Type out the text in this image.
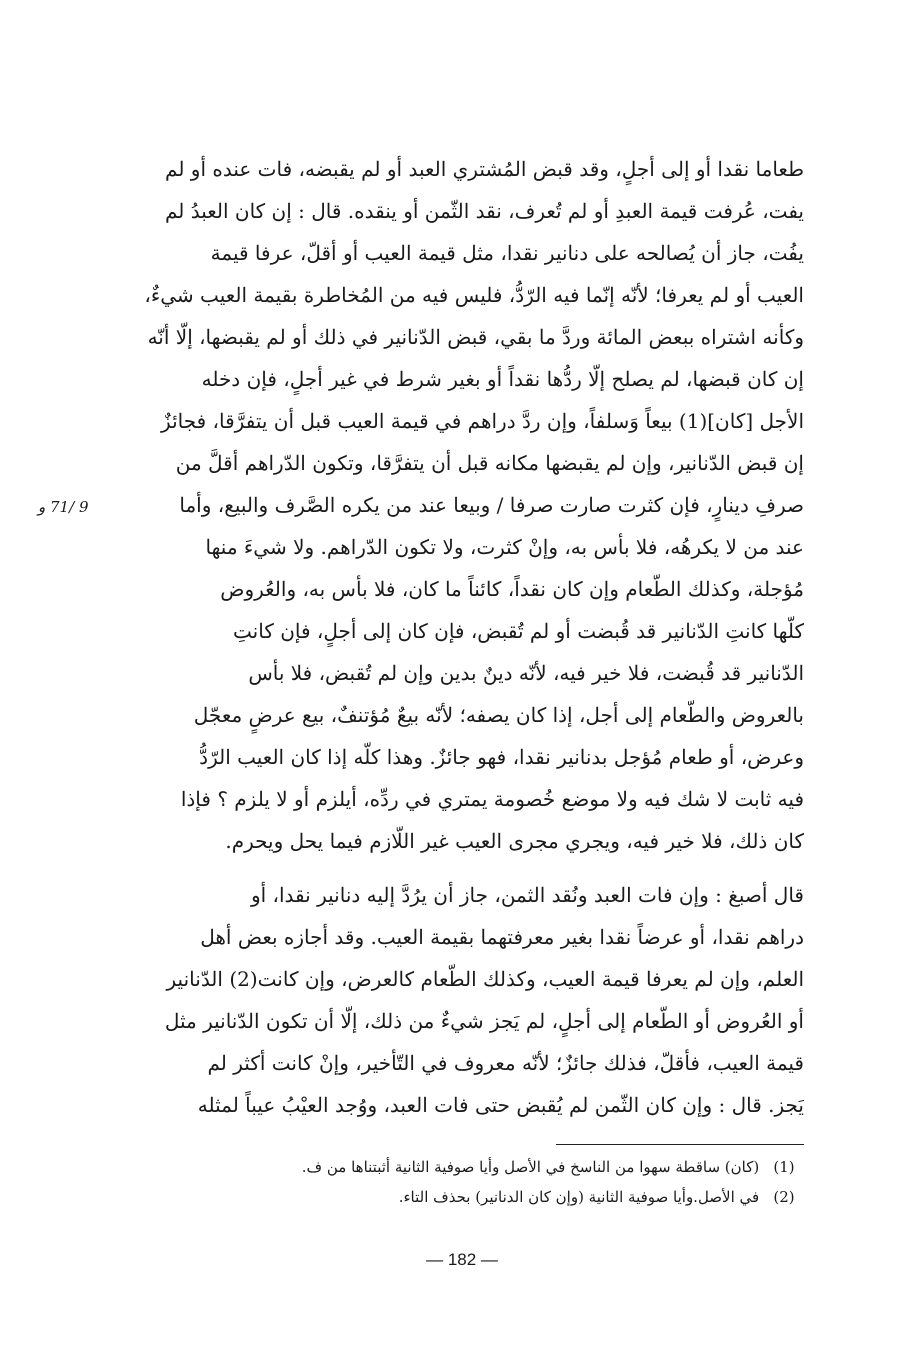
9 /71 و
طعاما نقدا أو إلى أجلٍ، وقد قبض المُشتري العبد أو لم يقبضه، فات عنده أو لم
يفت، عُرفت قيمة العبدِ أو لم تُعرف، نقد الثّمن أو ينقده. قال : إن كان العبدُ لم
يفُت، جاز أن يُصالحه على دنانير نقدا، مثل قيمة العيب أو أقلّ، عرفا قيمة
العيب أو لم يعرفا؛ لأنّه إنّما فيه الرّدُّ، فليس فيه من المُخاطرة بقيمة العيب شيءٌ،
وكأنه اشتراه ببعض المائة وردَّ ما بقي، قبض الدّنانير في ذلك أو لم يقبضها، إلّا أنّه
إن كان قبضها، لم يصلح إلّا ردُّها نقداً أو بغير شرط في غير أجلٍ، فإن دخله
الأجل [كان](1) بيعاً وَسلفاً، وإن ردَّ دراهم في قيمة العيب قبل أن يتفرَّقا، فجائزٌ
إن قبض الدّنانير، وإن لم يقبضها مكانه قبل أن يتفرَّقا، وتكون الدّراهم أقلَّ من
صرفِ دينارٍ، فإن كثرت صارت صرفا / وبيعا عند من يكره الصَّرف والبيع، وأما
عند من لا يكرهُه، فلا بأس به، وإنْ كثرت، ولا تكون الدّراهم. ولا شيءَ منها
مُؤجلة، وكذلك الطّعام وإن كان نقداً، كائناً ما كان، فلا بأس به، والعُروض
كلّها كانتِ الدّنانير قد قُبضت أو لم تُقبض، فإن كان إلى أجلٍ، فإن كانتِ
الدّنانير قد قُبضت، فلا خير فيه، لأنّه دينٌ بدين وإن لم تُقبض، فلا بأس
بالعروض والطّعام إلى أجل، إذا كان يصفه؛ لأنّه بيعٌ مُؤتنفٌ، بيع عرضٍ معجّل
وعرض، أو طعام مُؤجل بدنانير نقدا، فهو جائزٌ. وهذا كلّه إذا كان العيب الرّدُّ
فيه ثابت لا شك فيه ولا موضع خُصومة يمتري في ردِّه، أيلزم أو لا يلزم ؟ فإذا
كان ذلك، فلا خير فيه، ويجري مجرى العيب غير اللّازم فيما يحل ويحرم.
قال أصبغ : وإن فات العبد ونُقد الثمن، جاز أن يرُدَّ إليه دنانير نقدا، أو
دراهم نقدا، أو عرضاً نقدا بغير معرفتهما بقيمة العيب. وقد أجازه بعض أهل
العلم، وإن لم يعرفا قيمة العيب، وكذلك الطّعام كالعرض، وإن كانت(2) الدّنانير
أو العُروض أو الطّعام إلى أجلٍ، لم يَجز شيءٌ من ذلك، إلّا أن تكون الدّنانير مثل
قيمة العيب، فأقلّ، فذلك جائزٌ؛ لأنّه معروف في التّأخير، وإنْ كانت أكثر لم
يَجز. قال : وإن كان الثّمن لم يُقبض حتى فات العبد، ووُجد العيْبُ عيباً لمثله
(1) (كان) ساقطة سهوا من الناسخ في الأصل وأيا صوفية الثانية أثبتناها من ف.
(2) في الأصل.وأيا صوفية الثانية (وإن كان الدنانير) بحذف التاء.
— 182 —
